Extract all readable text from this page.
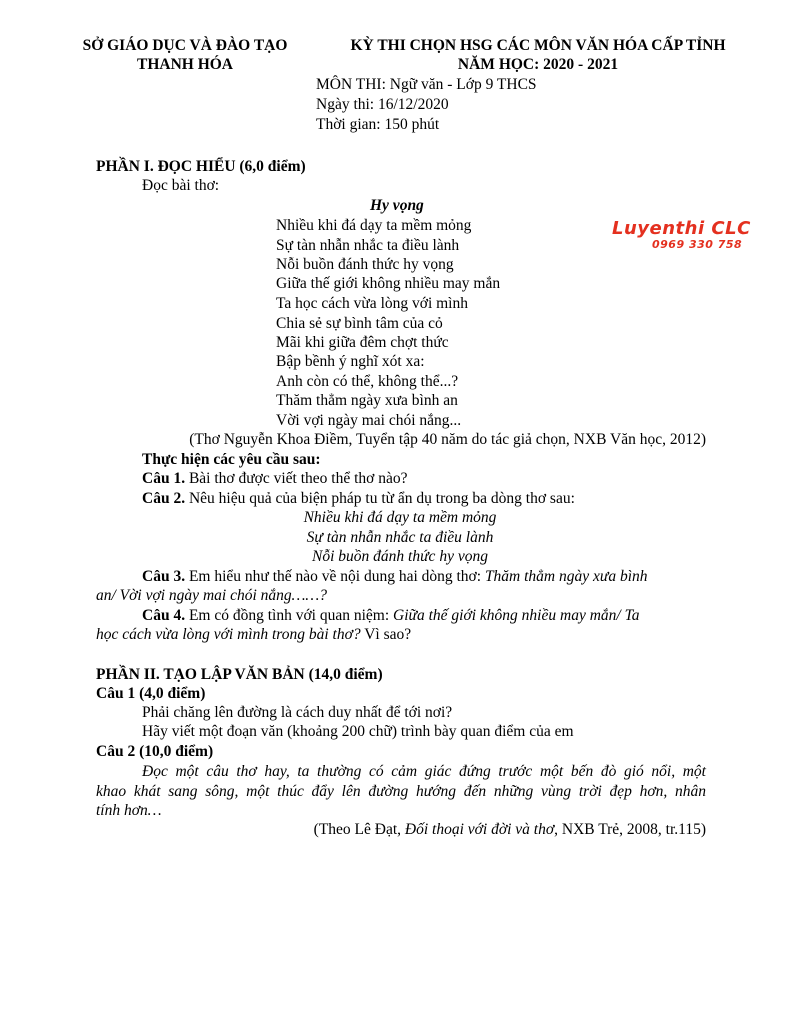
SỞ GIÁO DỤC VÀ ĐÀO TẠO
THANH HÓA
KỲ THI CHỌN HSG CÁC MÔN VĂN HÓA CẤP TỈNH
NĂM HỌC: 2020 - 2021
MÔN THI: Ngữ văn - Lớp 9 THCS
Ngày thi: 16/12/2020
Thời gian: 150 phút
Luyenthi CLC
0969 330 758
PHẦN I. ĐỌC HIỂU (6,0 điểm)
Đọc bài thơ:
Hy vọng
Nhiều khi đá dạy ta mềm mỏng
Sự tàn nhẫn nhắc ta điều lành
Nỗi buồn đánh thức hy vọng
Giữa thế giới không nhiều may mắn
Ta học cách vừa lòng với mình
Chia sẻ sự bình tâm của cỏ
Mãi khi giữa đêm chợt thức
Bập bềnh ý nghĩ xót xa:
Anh còn có thể, không thể...?
Thăm thẳm ngày xưa bình an
Vời vợi ngày mai chói nắng...
(Thơ Nguyễn Khoa Điềm, Tuyển tập 40 năm do tác giả chọn, NXB Văn học, 2012)
Thực hiện các yêu cầu sau:
Câu 1. Bài thơ được viết theo thể thơ nào?
Câu 2. Nêu hiệu quả của biện pháp tu từ ẩn dụ trong ba dòng thơ sau:
Nhiều khi đá dạy ta mềm mỏng
Sự tàn nhẫn nhắc ta điều lành
Nỗi buồn đánh thức hy vọng
Câu 3. Em hiểu như thế nào về nội dung hai dòng thơ: Thăm thẳm ngày xưa bình
an/ Vời vợi ngày mai chói nắng……?
Câu 4. Em có đồng tình với quan niệm: Giữa thế giới không nhiều may mắn/ Ta
học cách vừa lòng với mình trong bài thơ? Vì sao?
PHẦN II. TẠO LẬP VĂN BẢN (14,0 điểm)
Câu 1 (4,0 điểm)
Phải chăng lên đường là cách duy nhất để tới nơi?
Hãy viết một đoạn văn (khoảng 200 chữ) trình bày quan điểm của em
Câu 2 (10,0 điểm)
Đọc một câu thơ hay, ta thường có cảm giác đứng trước một bến đò gió nổi, một
khao khát sang sông, một thúc đẩy lên đường hướng đến những vùng trời đẹp hơn, nhân
tính hơn…
(Theo Lê Đạt, Đối thoại với đời và thơ, NXB Trẻ, 2008, tr.115)
